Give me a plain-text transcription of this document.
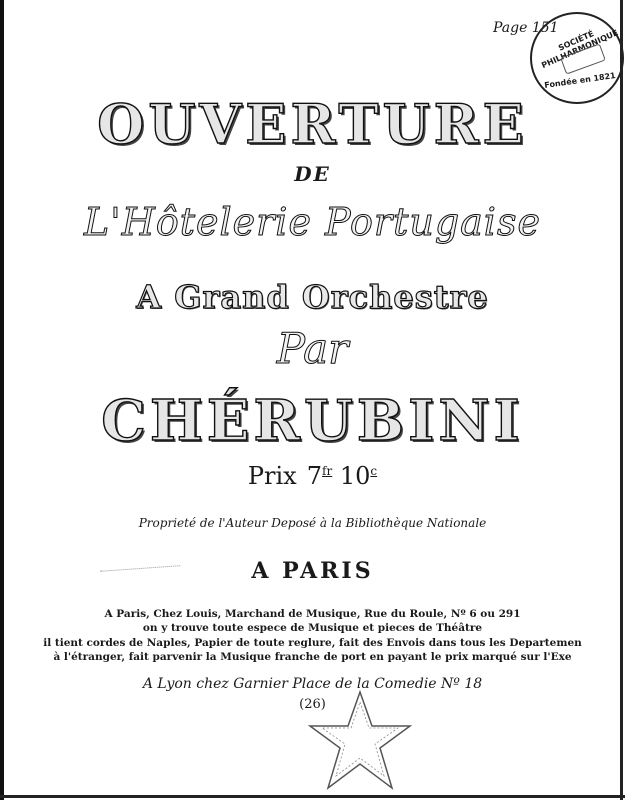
Page 151
SOCIÉTÉ PHILHARMONIQUE
Fondée en 1821
OUVERTURE
DE
L'Hôtelerie Portugaise
A Grand Orchestre
Par
CHÉRUBINI
Prix $7^{fr}$ 10$^c$
Proprieté de l'Auteur Deposé à la Bibliothèque Nationale
A PARIS
A Paris, Chez Louis, Marchand de Musique, Rue du Roule, Nº 6 ou 291
on y trouve toute espece de Musique et pieces de Théâtre
il tient cordes de Naples, Papier de toute reglure, fait des Envois dans tous les Departemen
à l'étranger, fait parvenir la Musique franche de port en payant le prix marqué sur l'Exe
A Lyon chez Garnier Place de la Comedie Nº 18
(26)
